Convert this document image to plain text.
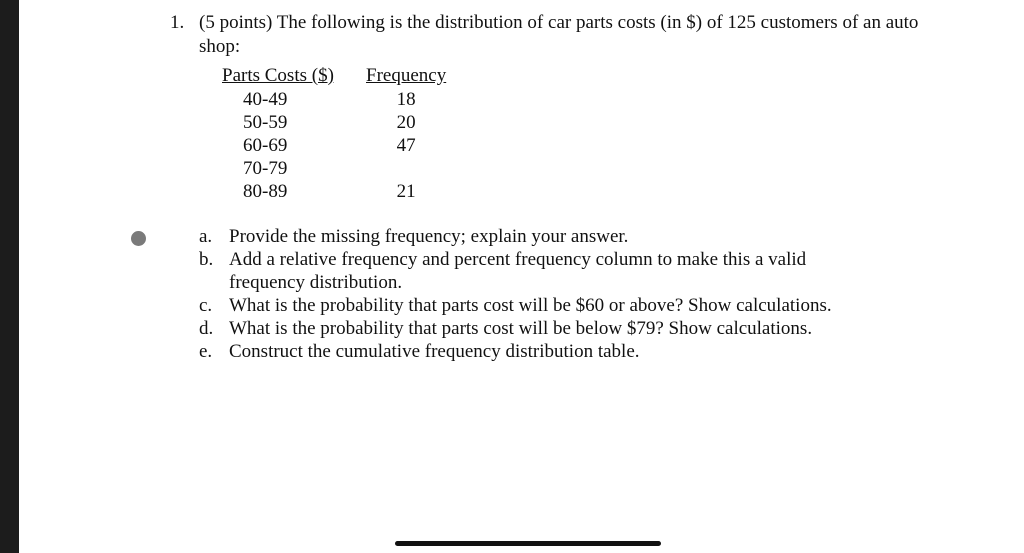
1. (5 points) The following is the distribution of car parts costs (in $) of 125 customers of an auto shop:
Parts Costs ($)	Frequency
40-49	18
50-59	20
60-69	47
70-79	
80-89	21
a. Provide the missing frequency; explain your answer.
b. Add a relative frequency and percent frequency column to make this a valid frequency distribution.
c. What is the probability that parts cost will be $60 or above? Show calculations.
d. What is the probability that parts cost will be below $79? Show calculations.
e. Construct the cumulative frequency distribution table.
